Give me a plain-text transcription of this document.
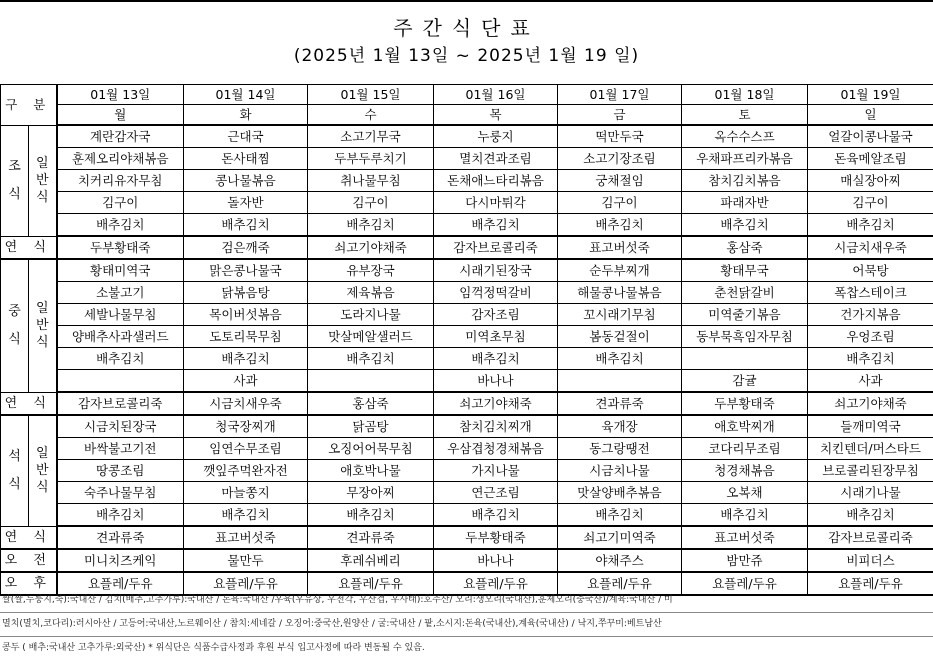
주간식단표
(2025년 1월 13일 ~ 2025년 1월 19 일)
구 분		01월 13일	01월 14일	01월 15일	01월 16일	01월 17일	01월 18일	01월 19일
		월	화	수	목	금	토	일

조
식	일
반
식	계란감자국	근대국	소고기무국	누룽지	떡만두국	옥수수스프	얼갈이콩나물국
		훈제오리야채볶음	돈사태찜	두부두루치기	멸치견과조림	소고기장조림	우채파프리카볶음	돈육메알조림
		치커리유자무침	콩나물볶음	취나물무침	돈채애느타리볶음	궁채절임	참치김치볶음	매실장아찌
		김구이	돌자반	김구이	다시마튀각	김구이	파래자반	김구이
		배추김치	배추김치	배추김치	배추김치	배추김치	배추김치	배추김치
연 식		두부황태죽	검은깨죽	쇠고기야채죽	감자브로콜리죽	표고버섯죽	홍삼죽	시금치새우죽

중
식	일
반
식	황태미역국	맑은콩나물국	유부장국	시래기된장국	순두부찌개	황태무국	어묵탕
		소불고기	닭볶음탕	제육볶음	임꺽정떡갈비	해물콩나물볶음	춘천닭갈비	폭찹스테이크
		세발나물무침	목이버섯볶음	도라지나물	감자조림	꼬시래기무침	미역줄기볶음	건가지볶음
		양배추사과샐러드	도토리묵무침	맛살메알샐러드	미역초무침	봄동겉절이	동부묵흑임자무침	우엉조림
		배추김치	배추김치	배추김치	배추김치	배추김치		배추김치
			사과		바나나		감귤	사과
연 식		감자브로콜리죽	시금치새우죽	홍삼죽	쇠고기야채죽	견과류죽	두부황태죽	쇠고기야채죽

석
식	일
반
식	시금치된장국	청국장찌개	닭곰탕	참치김치찌개	육개장	애호박찌개	들깨미역국
		바싹불고기전	임연수무조림	오징어어묵무침	우삼겹청경채볶음	동그랑땡전	코다리무조림	치킨텐더/머스타드
		땅콩조림	깻잎주먹완자전	애호박나물	가지나물	시금치나물	청경채볶음	브로콜리된장무침
		숙주나물무침	마늘쫑지	무장아찌	연근조림	맛살양배추볶음	오복채	시래기나물
		배추김치	배추김치	배추김치	배추김치	배추김치	배추김치	배추김치
연 식		견과류죽	표고버섯죽	견과류죽	두부황태죽	쇠고기미역죽	표고버섯죽	감자브로콜리죽
오 전		미니치즈케익	물만두	후레쉬베리	바나나	야채주스	밤만쥬	비피더스
오 후		요플레/두유	요플레/두유	요플레/두유	요플레/두유	요플레/두유	요플레/두유	요플레/두유
쌀(쌀,누룽지,죽):국내산 / 김치(배추,고추가루):국내산 / 돈육:국내산 /우육(우유상, 우전각, 우산겹, 우사태):호주산/ 오리:생오리(국내산),훈제오리(중국산)/계육:국내산 / 미
멸치(멸치,코다리):러시아산 / 고등어:국내산,노르웨이산 / 참치:세네갈 / 오징어:중국산,원양산 / 굴:국내산 / 팥,소시지:돈육(국내산),계육(국내산) / 낙지,쭈꾸미:베트남산
콩두 ( 배추:국내산 고추가루:외국산) * 위식단은 식품수급사정과 후원 부식 입고사정에 따라 변동될 수 있음.
